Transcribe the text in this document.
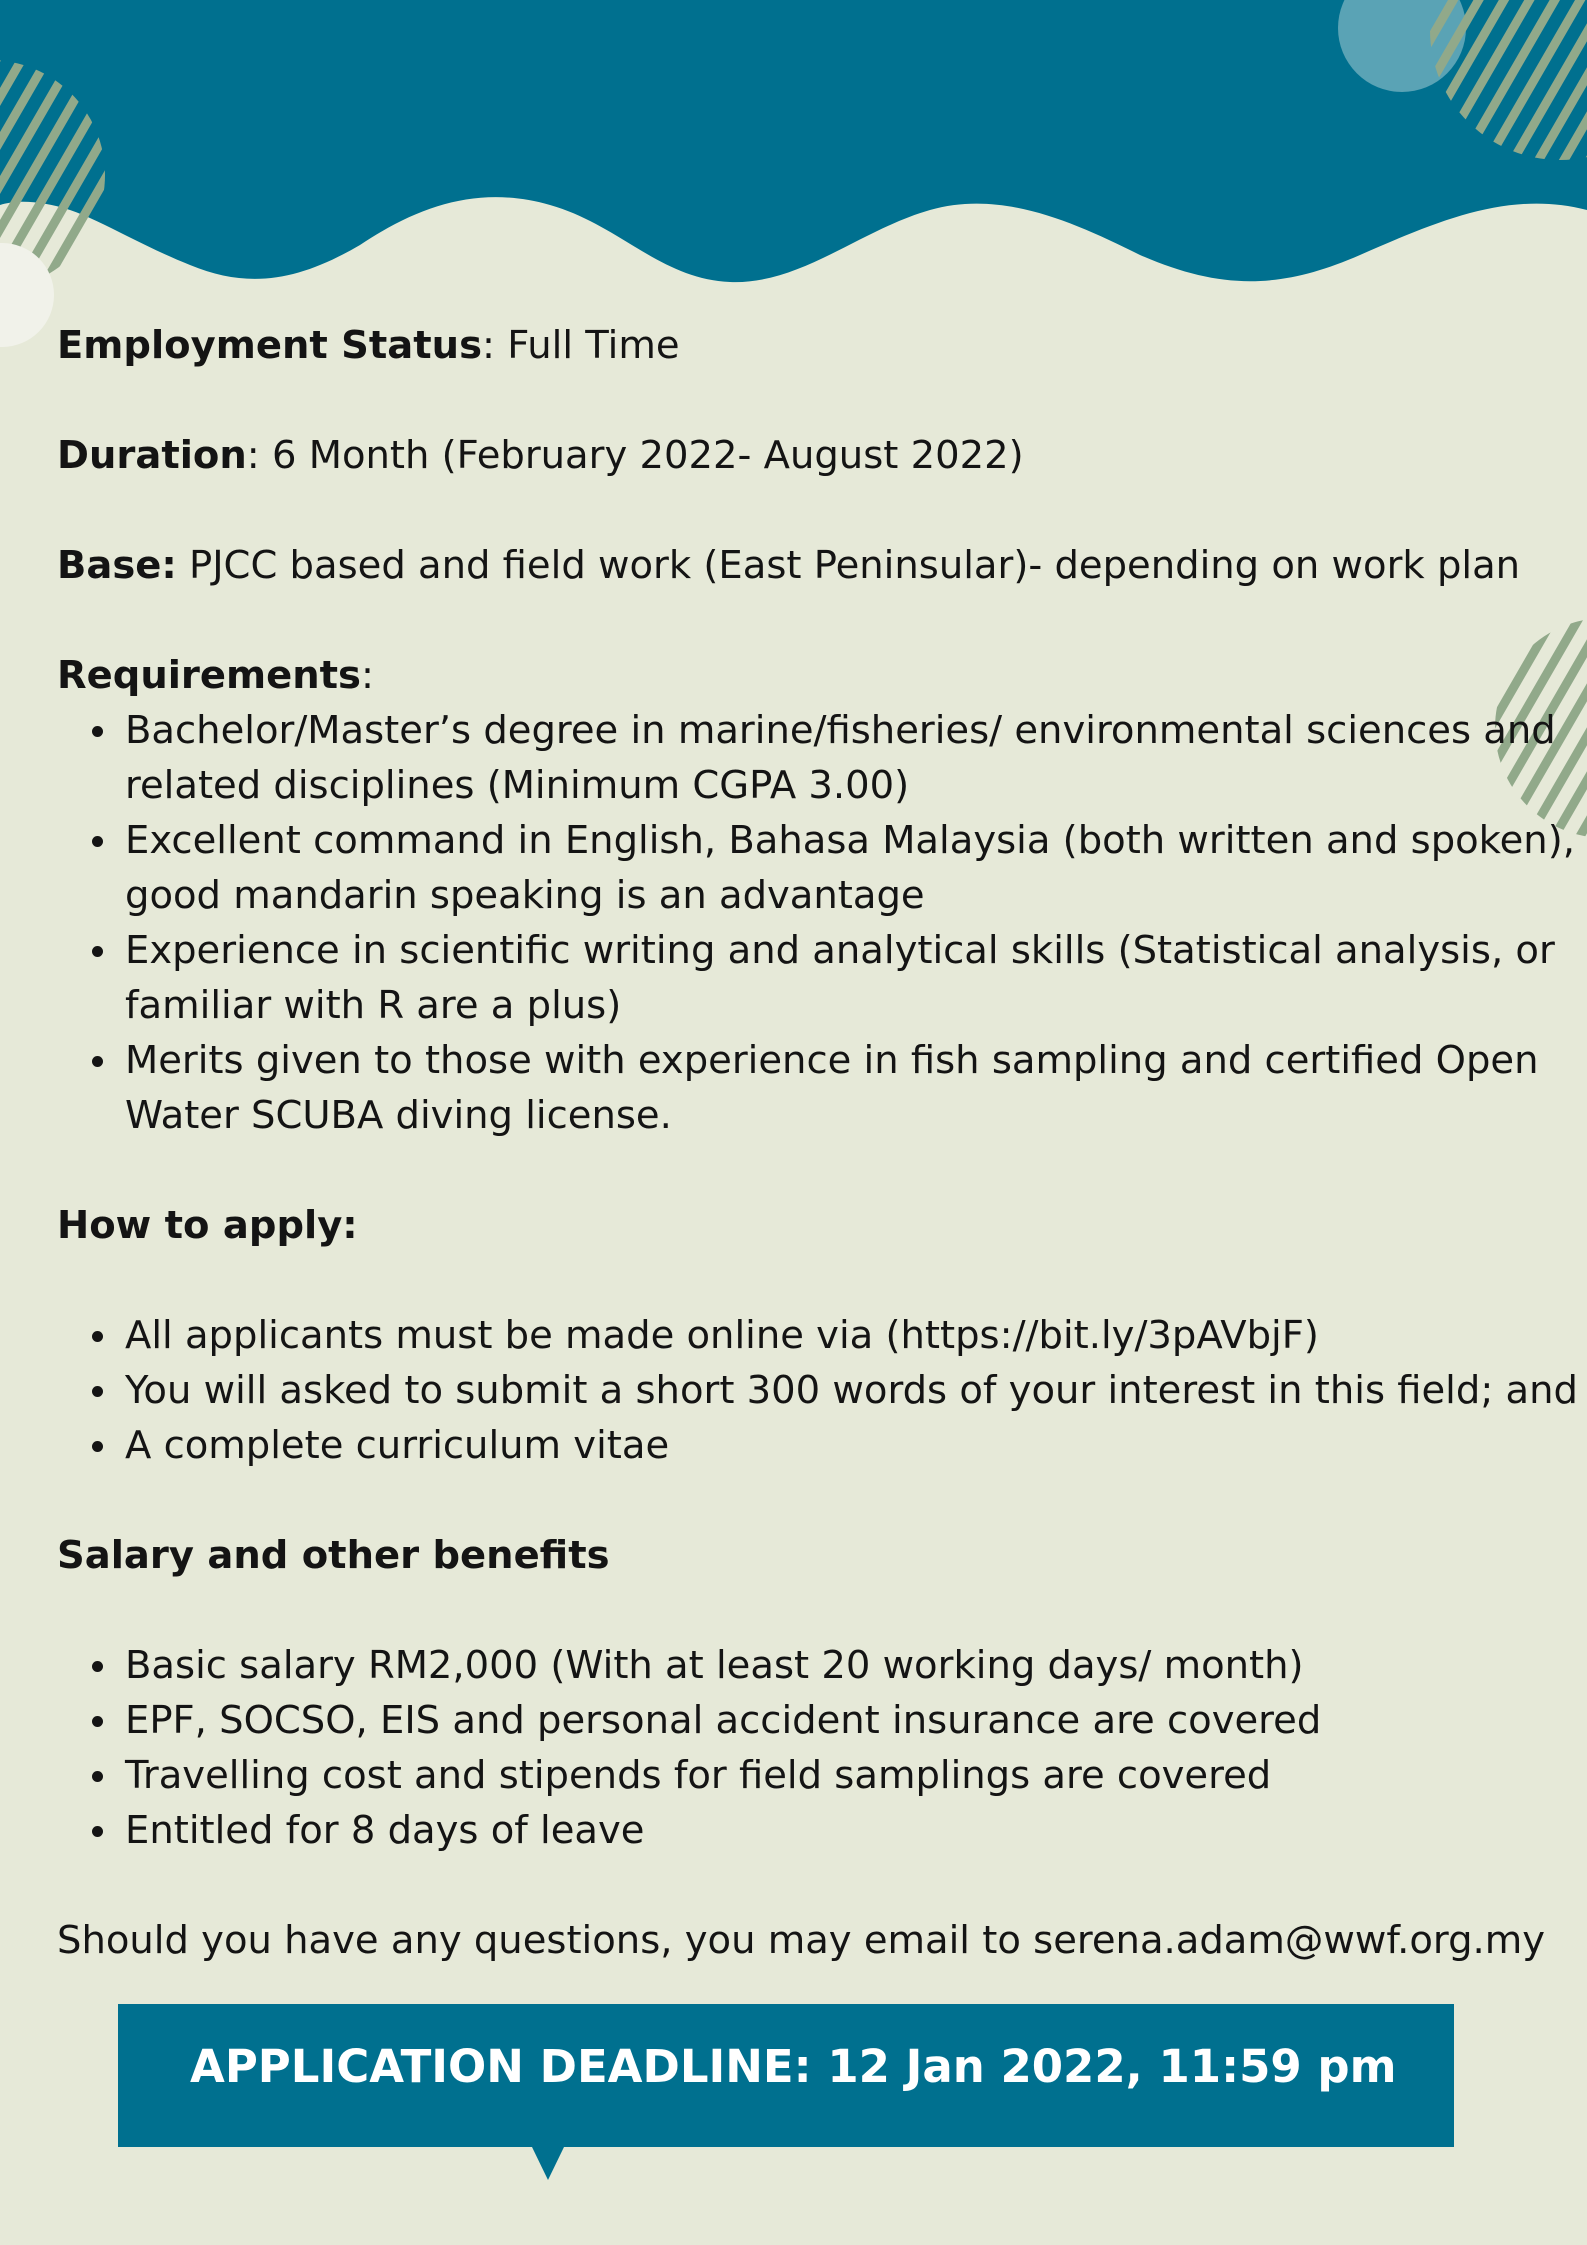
Employment Status: Full Time

Duration: 6 Month (February 2022- August 2022)

Base: PJCC based and field work (East Peninsular)- depending on work plan

Requirements:

Bachelor/Master’s degree in marine/fisheries/ environmental sciences and
related disciplines (Minimum CGPA 3.00)
Excellent command in English, Bahasa Malaysia (both written and spoken),
good mandarin speaking is an advantage
Experience in scientific writing and analytical skills (Statistical analysis, or
familiar with R are a plus)
Merits given to those with experience in fish sampling and certified Open
Water SCUBA diving license.

How to apply:

All applicants must be made online via (https://bit.ly/3pAVbjF)
You will asked to submit a short 300 words of your interest in this field; and
A complete curriculum vitae

Salary and other benefits

Basic salary RM2,000 (With at least 20 working days/ month)
EPF, SOCSO, EIS and personal accident insurance are covered
Travelling cost and stipends for field samplings are covered
Entitled for 8 days of leave

Should you have any questions, you may email to serena.adam@wwf.org.my

APPLICATION DEADLINE: 12 Jan 2022, 11:59 pm
